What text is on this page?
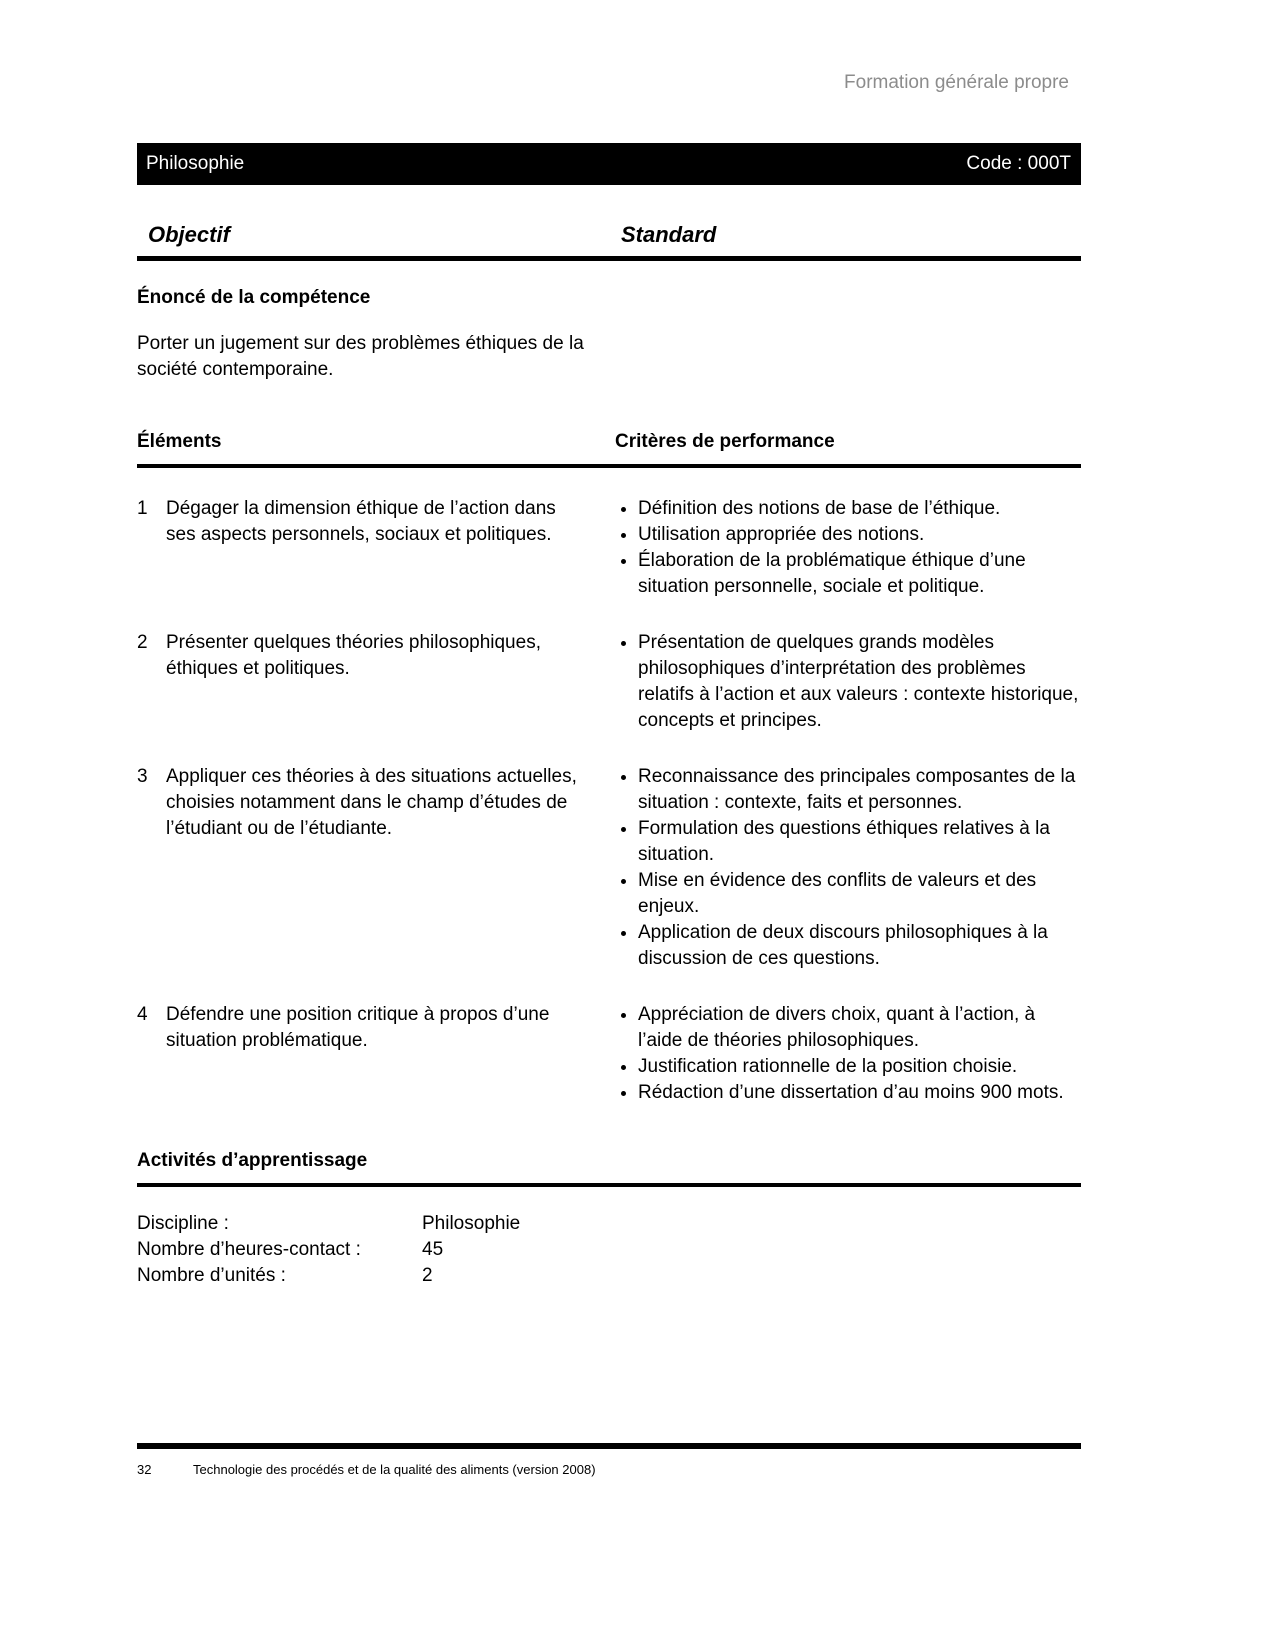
Formation générale propre
Philosophie	Code : 000T
Objectif	Standard
Énoncé de la compétence
Porter un jugement sur des problèmes éthiques de la société contemporaine.
Éléments	Critères de performance
1 Dégager la dimension éthique de l’action dans ses aspects personnels, sociaux et politiques.
• Définition des notions de base de l’éthique.
• Utilisation appropriée des notions.
• Élaboration de la problématique éthique d’une situation personnelle, sociale et politique.
2 Présenter quelques théories philosophiques, éthiques et politiques.
• Présentation de quelques grands modèles philosophiques d’interprétation des problèmes relatifs à l’action et aux valeurs : contexte historique, concepts et principes.
3 Appliquer ces théories à des situations actuelles, choisies notamment dans le champ d’études de l’étudiant ou de l’étudiante.
• Reconnaissance des principales composantes de la situation : contexte, faits et personnes.
• Formulation des questions éthiques relatives à la situation.
• Mise en évidence des conflits de valeurs et des enjeux.
• Application de deux discours philosophiques à la discussion de ces questions.
4 Défendre une position critique à propos d’une situation problématique.
• Appréciation de divers choix, quant à l’action, à l’aide de théories philosophiques.
• Justification rationnelle de la position choisie.
• Rédaction d’une dissertation d’au moins 900 mots.
Activités d’apprentissage
Discipline :	Philosophie
Nombre d’heures-contact :	45
Nombre d’unités :	2
32	Technologie des procédés et de la qualité des aliments (version 2008)
